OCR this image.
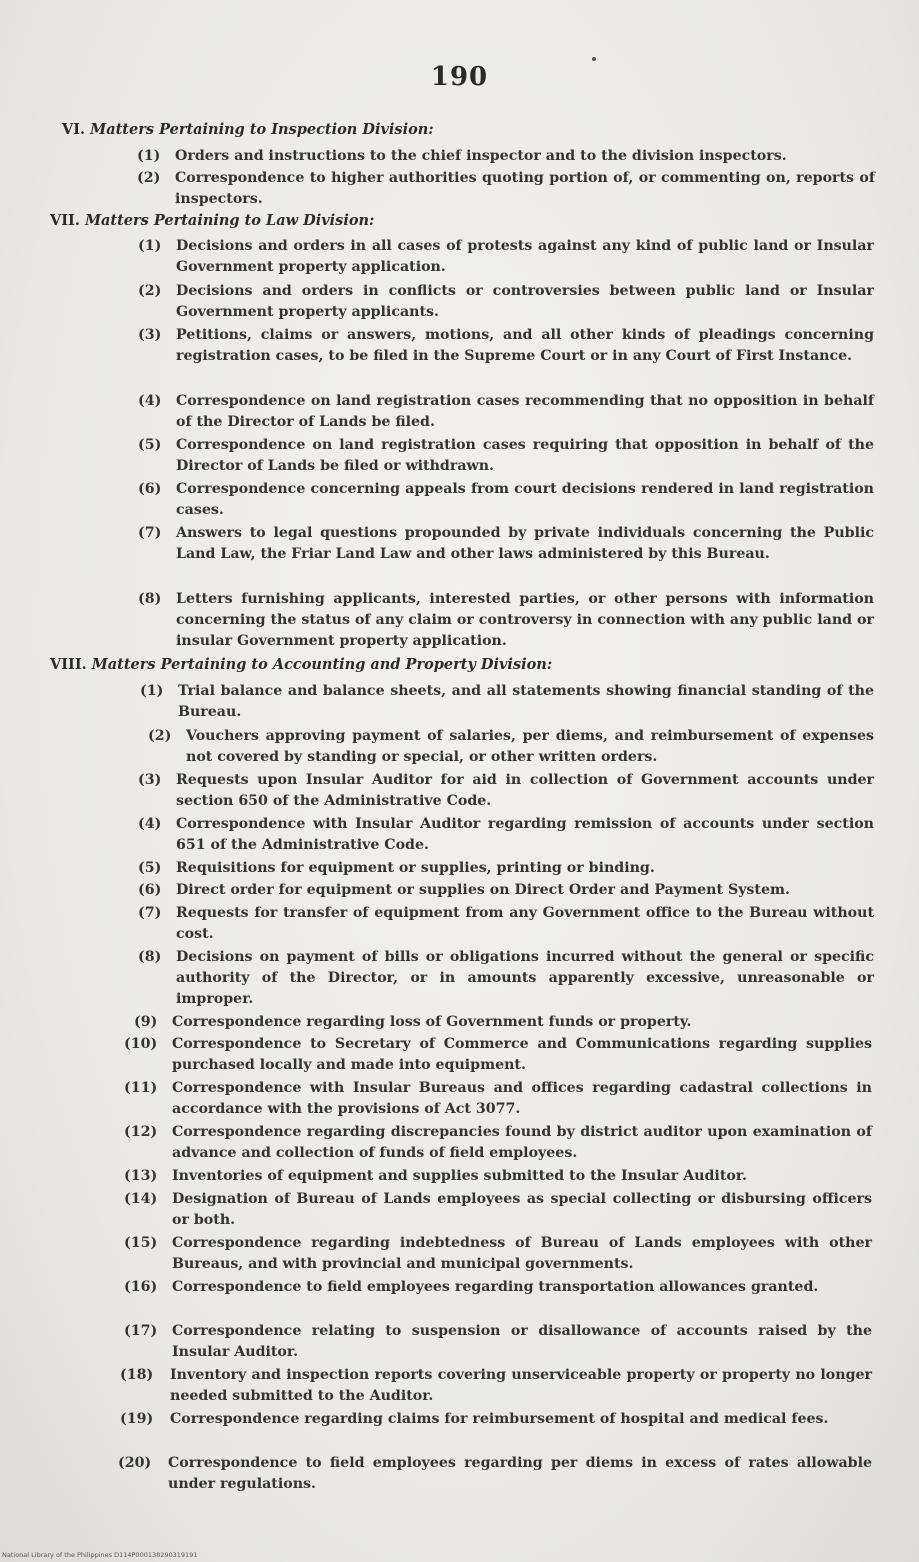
190
VI. Matters Pertaining to Inspection Division:
(1) Orders and instructions to the chief inspector and to the division inspectors.
(2) Correspondence to higher authorities quoting portion of, or commenting on, reports of inspectors.
VII. Matters Pertaining to Law Division:
(1) Decisions and orders in all cases of protests against any kind of public land or Insular Government property application.
(2) Decisions and orders in conflicts or controversies between public land or Insular Government property applicants.
(3) Petitions, claims or answers, motions, and all other kinds of pleadings concerning registration cases, to be filed in the Supreme Court or in any Court of First Instance.
(4) Correspondence on land registration cases recommending that no opposition in behalf of the Director of Lands be filed.
(5) Correspondence on land registration cases requiring that opposition in behalf of the Director of Lands be filed or withdrawn.
(6) Correspondence concerning appeals from court decisions rendered in land registration cases.
(7) Answers to legal questions propounded by private individuals concerning the Public Land Law, the Friar Land Law and other laws administered by this Bureau.
(8) Letters furnishing applicants, interested parties, or other persons with information concerning the status of any claim or controversy in connection with any public land or insular Government property application.
VIII. Matters Pertaining to Accounting and Property Division:
(1) Trial balance and balance sheets, and all statements showing financial standing of the Bureau.
(2) Vouchers approving payment of salaries, per diems, and reimbursement of expenses not covered by standing or special, or other written orders.
(3) Requests upon Insular Auditor for aid in collection of Government accounts under section 650 of the Administrative Code.
(4) Correspondence with Insular Auditor regarding remission of accounts under section 651 of the Administrative Code.
(5) Requisitions for equipment or supplies, printing or binding.
(6) Direct order for equipment or supplies on Direct Order and Payment System.
(7) Requests for transfer of equipment from any Government office to the Bureau without cost.
(8) Decisions on payment of bills or obligations incurred without the general or specific authority of the Director, or in amounts apparently excessive, unreasonable or improper.
(9) Correspondence regarding loss of Government funds or property.
(10) Correspondence to Secretary of Commerce and Communications regarding supplies purchased locally and made into equipment.
(11) Correspondence with Insular Bureaus and offices regarding cadastral collections in accordance with the provisions of Act 3077.
(12) Correspondence regarding discrepancies found by district auditor upon examination of advance and collection of funds of field employees.
(13) Inventories of equipment and supplies submitted to the Insular Auditor.
(14) Designation of Bureau of Lands employees as special collecting or disbursing officers or both.
(15) Correspondence regarding indebtedness of Bureau of Lands employees with other Bureaus, and with provincial and municipal governments.
(16) Correspondence to field employees regarding transportation allowances granted.
(17) Correspondence relating to suspension or disallowance of accounts raised by the Insular Auditor.
(18) Inventory and inspection reports covering unserviceable property or property no longer needed submitted to the Auditor.
(19) Correspondence regarding claims for reimbursement of hospital and medical fees.
(20) Correspondence to field employees regarding per diems in excess of rates allowable under regulations.
National Library of the Philippines D114P000138290319191
